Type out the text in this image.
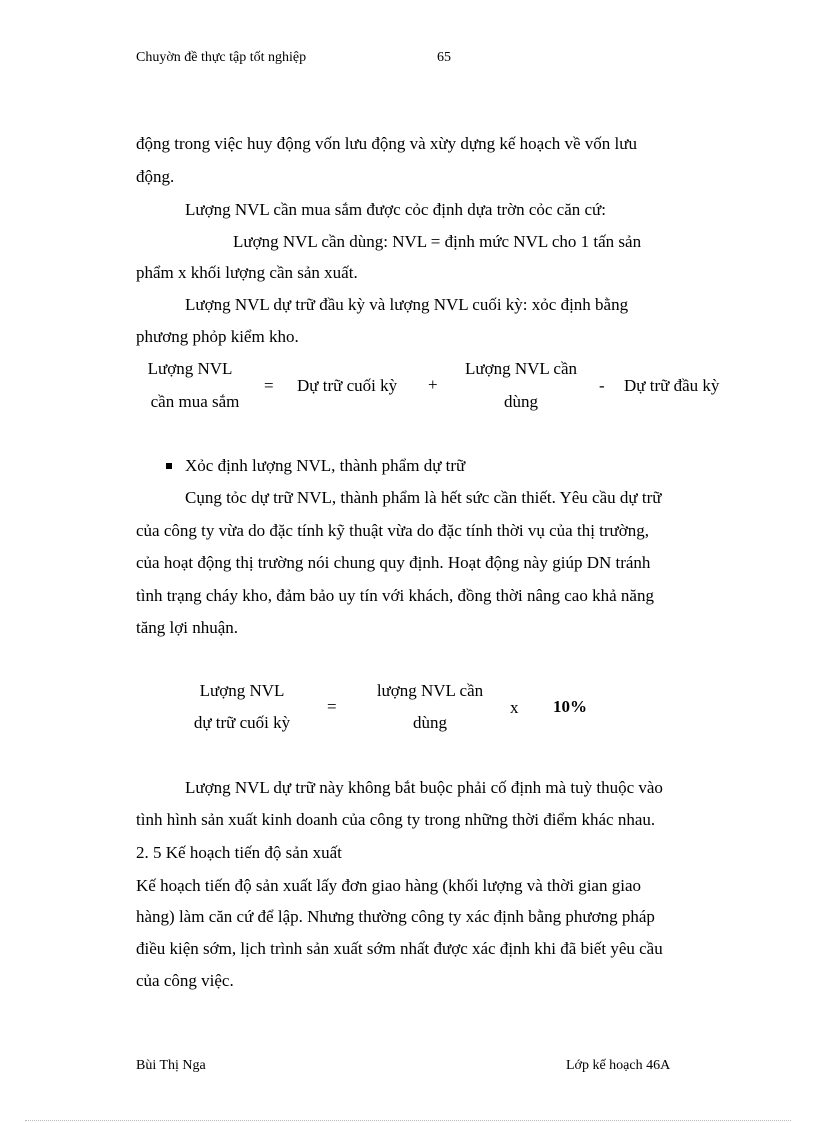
Chuyờn đề thực tập tốt nghiệp	65
động trong việc huy động vốn lưu động và xừy dựng kế hoạch về vốn lưu
động.
Lượng NVL cần mua sắm được cỏc định dựa trờn cỏc căn cứ:
Lượng NVL cần dùng: NVL = định mức NVL cho 1 tấn sản
phẩm x khối lượng cần sản xuất.
Lượng NVL dự trữ đầu kỳ và lượng NVL cuối kỳ: xỏc định bằng
phương phỏp kiểm kho.
Lượng NVL
cần mua sắm
= Dự trữ cuối kỳ +
Lượng NVL cần
dùng
- Dự trữ đầu kỳ
Xỏc định lượng NVL, thành phẩm dự trữ
Cụng tỏc dự trữ NVL, thành phẩm là hết sức cần thiết. Yêu cầu dự trữ
của công ty vừa do đặc tính kỹ thuật vừa do đặc tính thời vụ của thị trường,
của hoạt động thị trường nói chung quy định. Hoạt động này giúp DN tránh
tình trạng cháy kho, đảm bảo uy tín với khách, đồng thời nâng cao khả năng
tăng lợi nhuận.
Lượng NVL
dự trữ cuối kỳ
=
lượng NVL cần
dùng
x 10%
Lượng NVL dự trữ này không bắt buộc phải cố định mà tuỳ thuộc vào
tình hình sản xuất kinh doanh của công ty trong những thời điểm khác nhau.
2. 5 Kế hoạch tiến độ sản xuất
Kế hoạch tiến độ sản xuất lấy đơn giao hàng (khối lượng và thời gian giao
hàng) làm căn cứ để lập. Nhưng thường công ty xác định bằng phương pháp
điều kiện sớm, lịch trình sản xuất sớm nhất được xác định khi đã biết yêu cầu
của công việc.
Bùi Thị Nga	Lớp kế hoạch 46A
